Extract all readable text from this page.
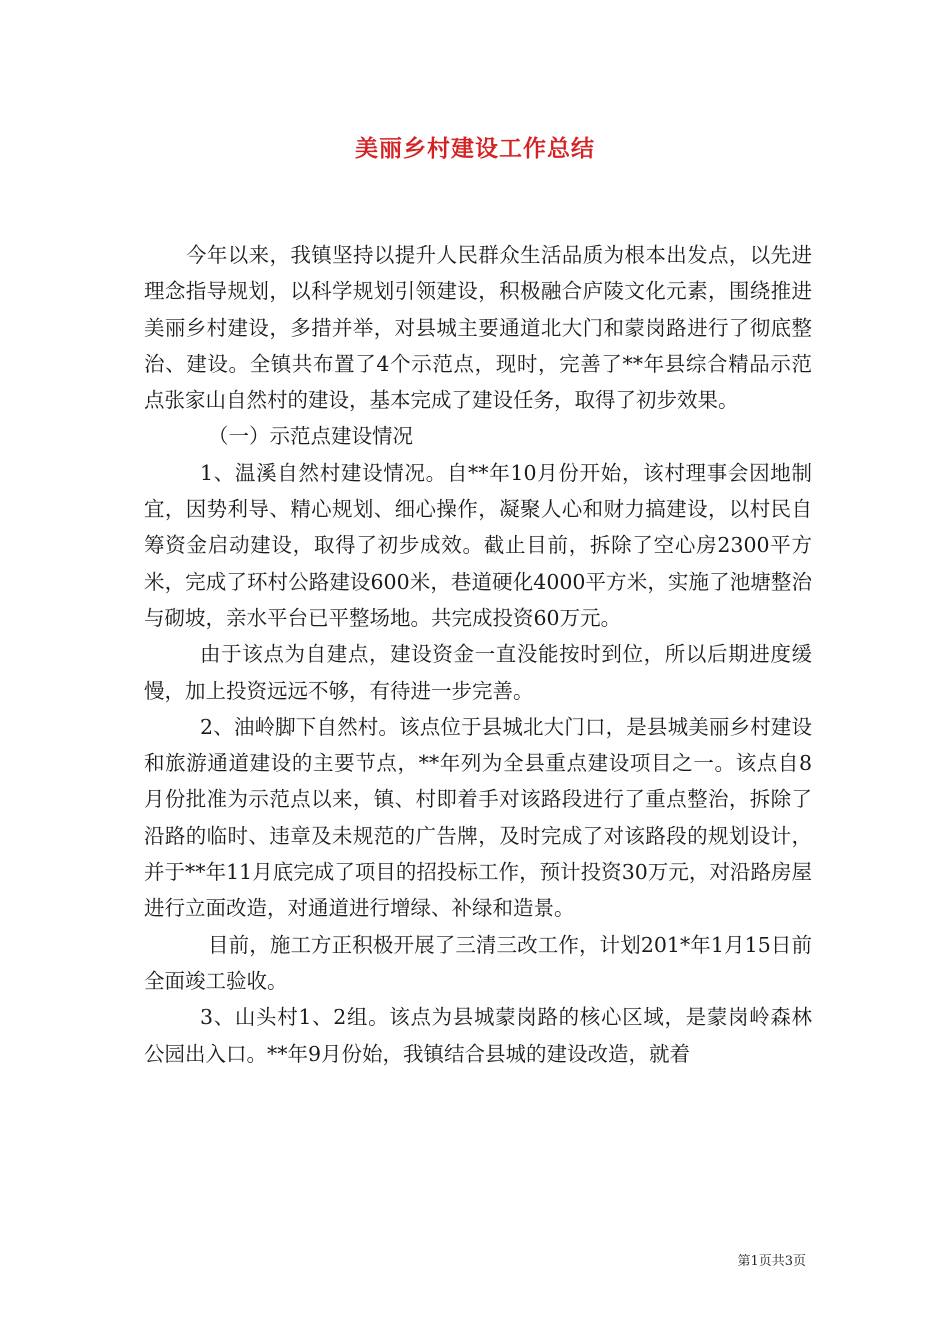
美丽乡村建设工作总结

今年以来，我镇坚持以提升人民群众生活品质为根本出发点，以先进理念指导规划，以科学规划引领建设，积极融合庐陵文化元素，围绕推进美丽乡村建设，多措并举，对县城主要通道北大门和蒙岗路进行了彻底整治、建设。全镇共布置了4个示范点，现时，完善了**年县综合精品示范点张家山自然村的建设，基本完成了建设任务，取得了初步效果。

（一）示范点建设情况

1、温溪自然村建设情况。自**年10月份开始，该村理事会因地制宜，因势利导、精心规划、细心操作，凝聚人心和财力搞建设，以村民自筹资金启动建设，取得了初步成效。截止目前，拆除了空心房2300平方米，完成了环村公路建设600米，巷道硬化4000平方米，实施了池塘整治与砌坡，亲水平台已平整场地。共完成投资60万元。

由于该点为自建点，建设资金一直没能按时到位，所以后期进度缓慢，加上投资远远不够，有待进一步完善。

2、油岭脚下自然村。该点位于县城北大门口，是县城美丽乡村建设和旅游通道建设的主要节点，**年列为全县重点建设项目之一。该点自8月份批准为示范点以来，镇、村即着手对该路段进行了重点整治，拆除了沿路的临时、违章及未规范的广告牌，及时完成了对该路段的规划设计，并于**年11月底完成了项目的招投标工作，预计投资30万元，对沿路房屋进行立面改造，对通道进行增绿、补绿和造景。

目前，施工方正积极开展了三清三改工作，计划201*年1月15日前全面竣工验收。

3、山头村1、2组。该点为县城蒙岗路的核心区域，是蒙岗岭森林公园出入口。**年9月份始，我镇结合县城的建设改造，就着

第1页共3页
